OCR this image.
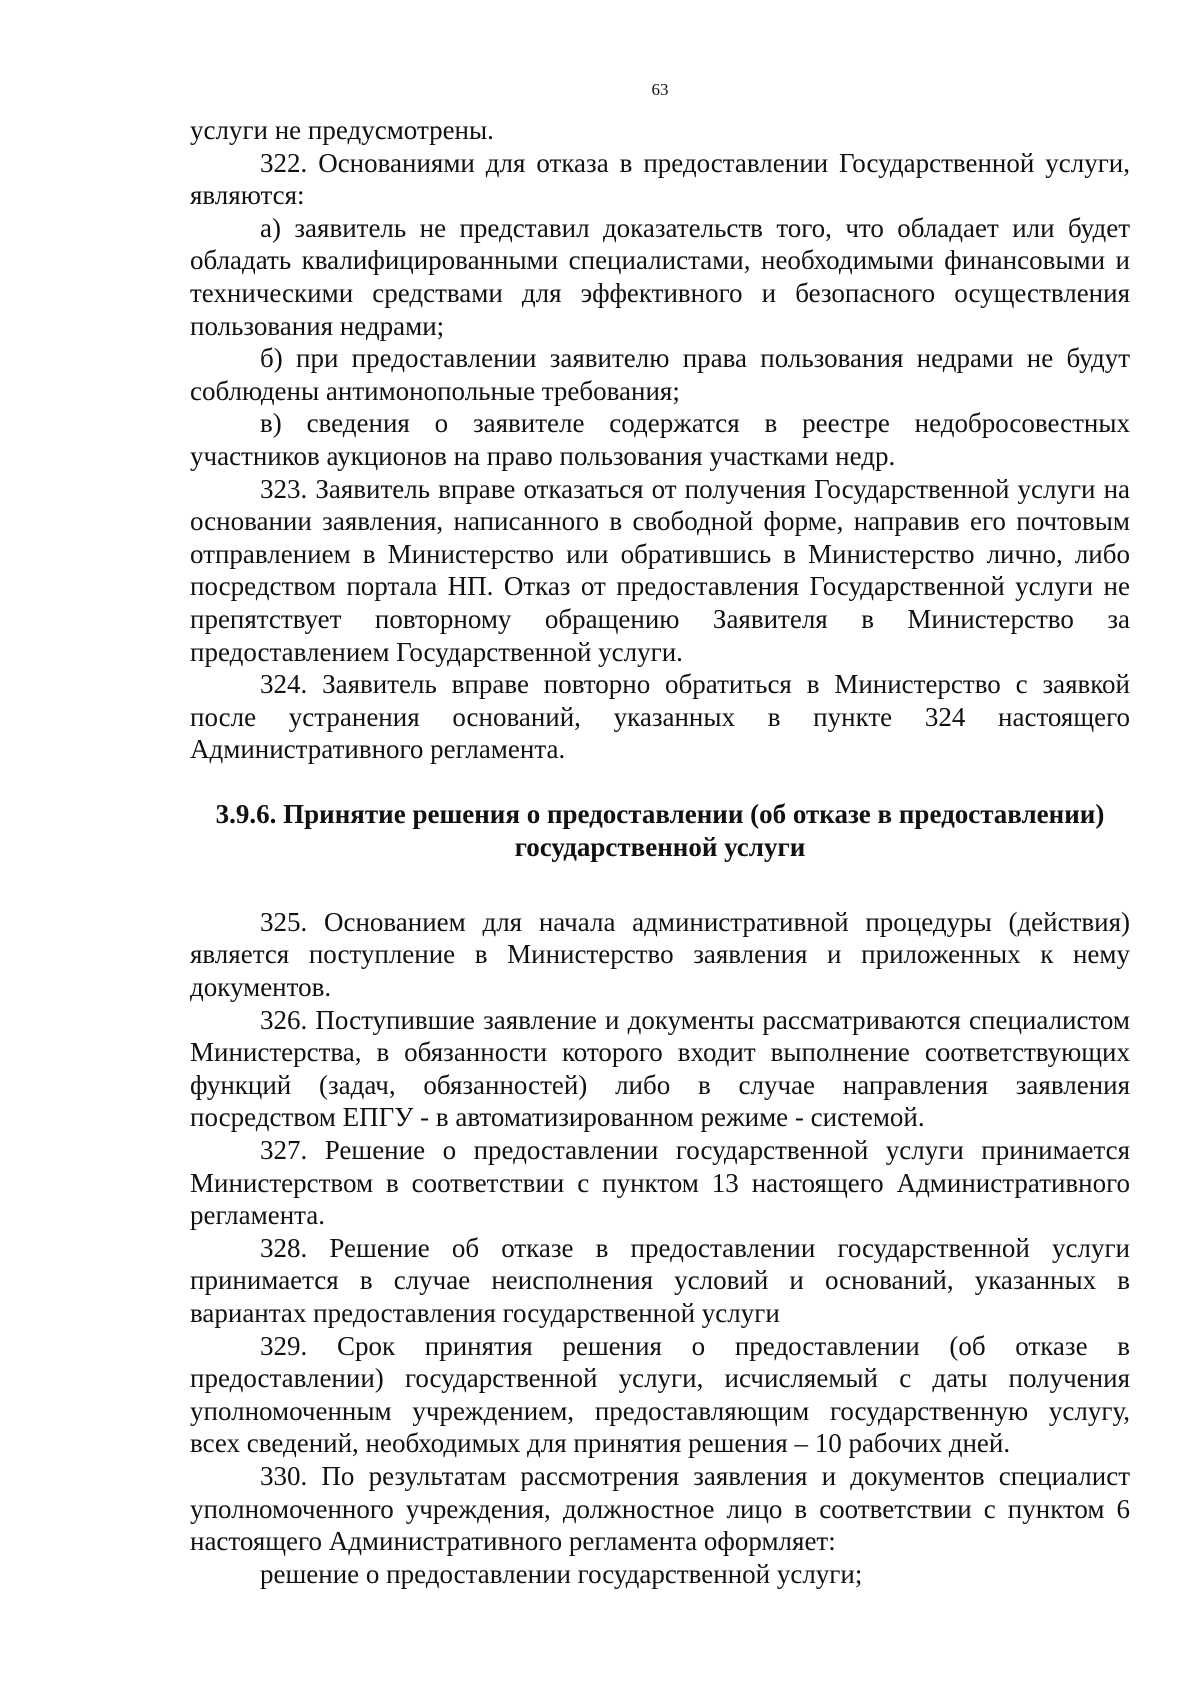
63

услуги не предусмотрены.

322. Основаниями для отказа в предоставлении Государственной услуги, являются:

а) заявитель не представил доказательств того, что обладает или будет обладать квалифицированными специалистами, необходимыми финансовыми и техническими средствами для эффективного и безопасного осуществления пользования недрами;

б) при предоставлении заявителю права пользования недрами не будут соблюдены антимонопольные требования;

в) сведения о заявителе содержатся в реестре недобросовестных участников аукционов на право пользования участками недр.

323. Заявитель вправе отказаться от получения Государственной услуги на основании заявления, написанного в свободной форме, направив его почтовым отправлением в Министерство или обратившись в Министерство лично, либо посредством портала НП. Отказ от предоставления Государственной услуги не препятствует повторному обращению Заявителя в Министерство за предоставлением Государственной услуги.

324. Заявитель вправе повторно обратиться в Министерство с заявкой после устранения оснований, указанных в пункте 324 настоящего Административного регламента.

3.9.6. Принятие решения о предоставлении (об отказе в предоставлении)
государственной услуги

325. Основанием для начала административной процедуры (действия) является поступление в Министерство заявления и приложенных к нему документов.

326. Поступившие заявление и документы рассматриваются специалистом Министерства, в обязанности которого входит выполнение соответствующих функций (задач, обязанностей) либо в случае направления заявления посредством ЕПГУ - в автоматизированном режиме - системой.

327. Решение о предоставлении государственной услуги принимается Министерством в соответствии с пунктом 13 настоящего Административного регламента.

328. Решение об отказе в предоставлении государственной услуги принимается в случае неисполнения условий и оснований, указанных в вариантах предоставления государственной услуги

329. Срок принятия решения о предоставлении (об отказе в предоставлении) государственной услуги, исчисляемый с даты получения уполномоченным учреждением, предоставляющим государственную услугу, всех сведений, необходимых для принятия решения – 10 рабочих дней.

330. По результатам рассмотрения заявления и документов специалист уполномоченного учреждения, должностное лицо в соответствии с пунктом 6 настоящего Административного регламента оформляет:

решение о предоставлении государственной услуги;
